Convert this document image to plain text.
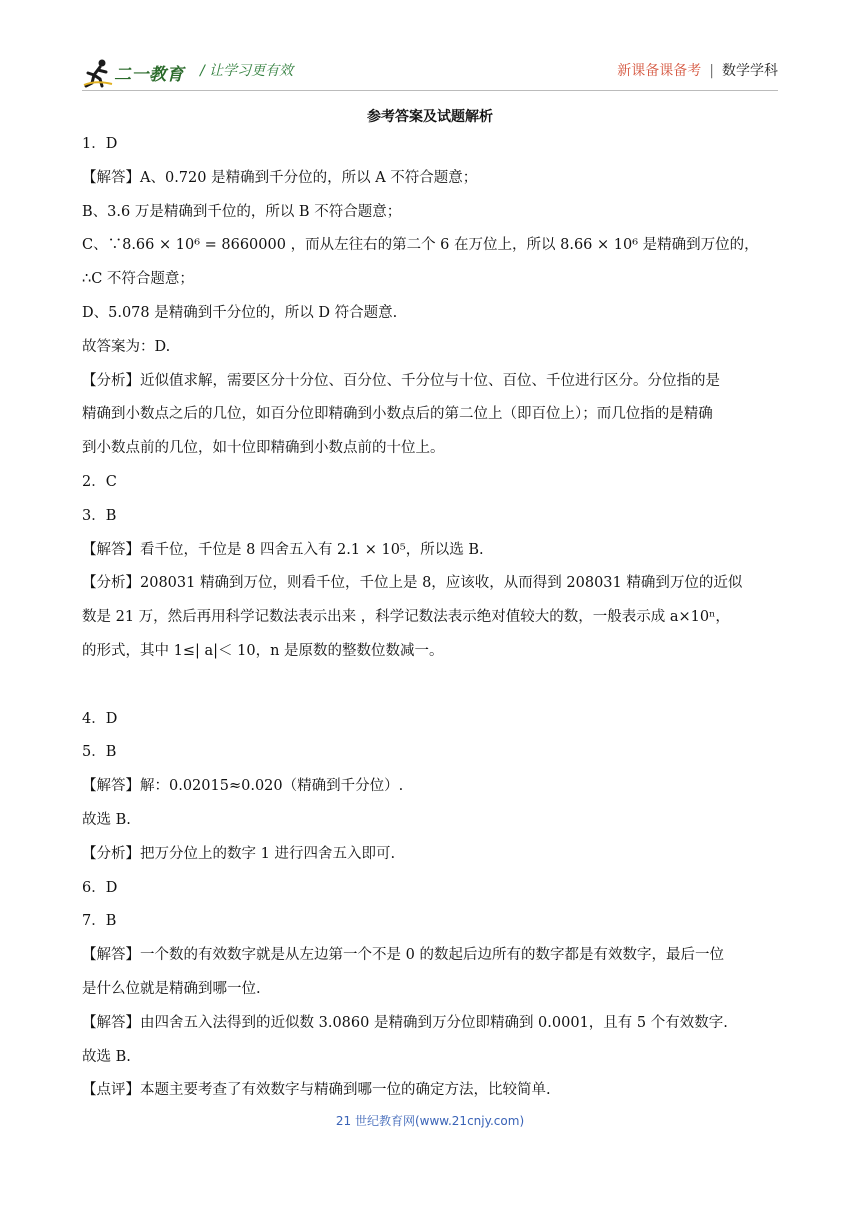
二一教育 / 让学习更有效	新课备课备考 | 数学学科
参考答案及试题解析
1．D
【解答】A、0.720 是精确到千分位的，所以 A 不符合题意；
B、3.6 万是精确到千位的，所以 B 不符合题意；
C、∵8.66 × 10⁶ = 8660000 ，而从左往右的第二个 6 在万位上，所以 8.66 × 10⁶ 是精确到万位的，
∴C 不符合题意；
D、5.078 是精确到千分位的，所以 D 符合题意.
故答案为：D.
【分析】近似值求解，需要区分十分位、百分位、千分位与十位、百位、千位进行区分。分位指的是
精确到小数点之后的几位，如百分位即精确到小数点后的第二位上（即百位上）；而几位指的是精确
到小数点前的几位，如十位即精确到小数点前的十位上。
2．C
3．B
【解答】看千位，千位是 8 四舍五入有 2.1 × 10⁵，所以选 B.
【分析】208031 精确到万位，则看千位，千位上是 8，应该收，从而得到 208031 精确到万位的近似
数是 21 万，然后再用科学记数法表示出来 ，科学记数法表示绝对值较大的数，一般表示成 a×10ⁿ，
的形式，其中 1≤| a|＜ 10，n 是原数的整数位数减一。
4．D
5．B
【解答】解：0.02015≈0.020（精确到千分位）.
故选 B.
【分析】把万分位上的数字 1 进行四舍五入即可.
6．D
7．B
【解答】一个数的有效数字就是从左边第一个不是 0 的数起后边所有的数字都是有效数字，最后一位
是什么位就是精确到哪一位.
【解答】由四舍五入法得到的近似数 3.0860 是精确到万分位即精确到 0.0001，且有 5 个有效数字.
故选 B.
【点评】本题主要考查了有效数字与精确到哪一位的确定方法，比较简单.
21 世纪教育网(www.21cnjy.com)
